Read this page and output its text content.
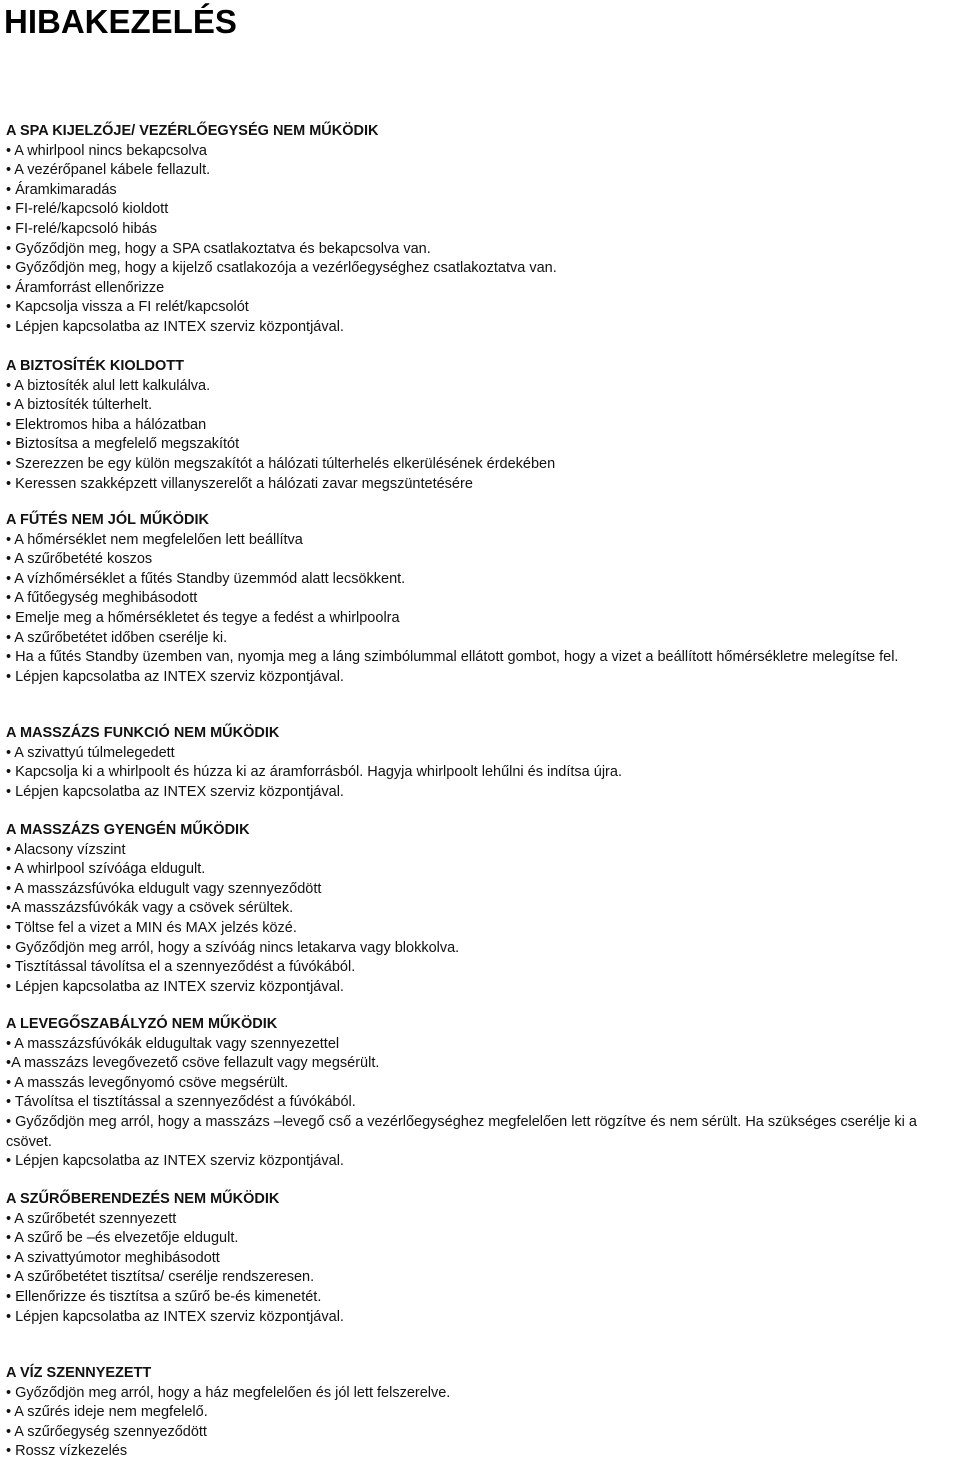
HIBAKEZELÉS
A SPA KIJELZŐJE/ VEZÉRLŐEGYSÉG NEM MŰKÖDIK
• A whirlpool nincs bekapcsolva
• A vezérőpanel kábele fellazult.
• Áramkimaradás
• FI-relé/kapcsoló kioldott
• FI-relé/kapcsoló hibás
• Győződjön meg, hogy a SPA csatlakoztatva és bekapcsolva van.
• Győződjön meg, hogy a kijelző csatlakozója a vezérlőegységhez csatlakoztatva van.
• Áramforrást ellenőrizze
• Kapcsolja vissza a FI relét/kapcsolót
• Lépjen kapcsolatba az INTEX szerviz központjával.
A BIZTOSÍTÉK KIOLDOTT
• A biztosíték alul lett kalkulálva.
• A biztosíték túlterhelt.
• Elektromos hiba a hálózatban
• Biztosítsa a megfelelő megszakítót
• Szerezzen be egy külön megszakítót a hálózati túlterhelés elkerülésének érdekében
• Keressen szakképzett villanyszerelőt a hálózati zavar megszüntetésére
A FŰTÉS NEM JÓL MŰKÖDIK
• A hőmérséklet nem megfelelően lett beállítva
• A szűrőbetété koszos
• A vízhőmérséklet a fűtés Standby üzemmód alatt lecsökkent.
• A fűtőegység meghibásodott
• Emelje meg a hőmérsékletet és tegye a fedést a whirlpoolra
• A szűrőbetétet időben cserélje ki.
• Ha a fűtés Standby üzemben van, nyomja meg a láng szimbólummal ellátott gombot, hogy a vizet a beállított hőmérsékletre melegítse fel.
• Lépjen kapcsolatba az INTEX szerviz központjával.
A MASSZÁZS FUNKCIÓ NEM MŰKÖDIK
• A szivattyú túlmelegedett
• Kapcsolja ki a whirlpoolt és húzza ki az áramforrásból. Hagyja whirlpoolt lehűlni és indítsa újra.
• Lépjen kapcsolatba az INTEX szerviz központjával.
A MASSZÁZS GYENGÉN MŰKÖDIK
• Alacsony vízszint
• A whirlpool szívóága eldugult.
• A masszázsfúvóka eldugult vagy szennyeződött
•A masszázsfúvókák vagy a csövek sérültek.
• Töltse fel a vizet a MIN és MAX jelzés közé.
• Győződjön meg arról, hogy a szívóág nincs letakarva vagy blokkolva.
• Tisztítással távolítsa el a szennyeződést a fúvókából.
• Lépjen kapcsolatba az INTEX szerviz központjával.
A LEVEGŐSZABÁLYZÓ NEM MŰKÖDIK
• A masszázsfúvókák eldugultak vagy szennyezettel
•A masszázs levegővezető csöve fellazult vagy megsérült.
• A masszás levegőnyomó csöve megsérült.
• Távolítsa el tisztítással a szennyeződést a fúvókából.
• Győződjön meg arról, hogy a masszázs –levegő cső a vezérlőegységhez megfelelően lett rögzítve és nem sérült. Ha szükséges cserélje ki a csövet.
• Lépjen kapcsolatba az INTEX szerviz központjával.
A SZŰRŐBERENDEZÉS NEM MŰKÖDIK
• A szűrőbetét szennyezett
• A szűrő be –és elvezetője eldugult.
• A szivattyúmotor meghibásodott
• A szűrőbetétet tisztítsa/ cserélje rendszeresen.
• Ellenőrizze és tisztítsa a szűrő be-és kimenetét.
• Lépjen kapcsolatba az INTEX szerviz központjával.
A VÍZ SZENNYEZETT
• Győződjön meg arról, hogy a ház megfelelően és jól lett felszerelve.
• A szűrés ideje nem megfelelő.
• A szűrőegység szennyeződött
• Rossz vízkezelés
